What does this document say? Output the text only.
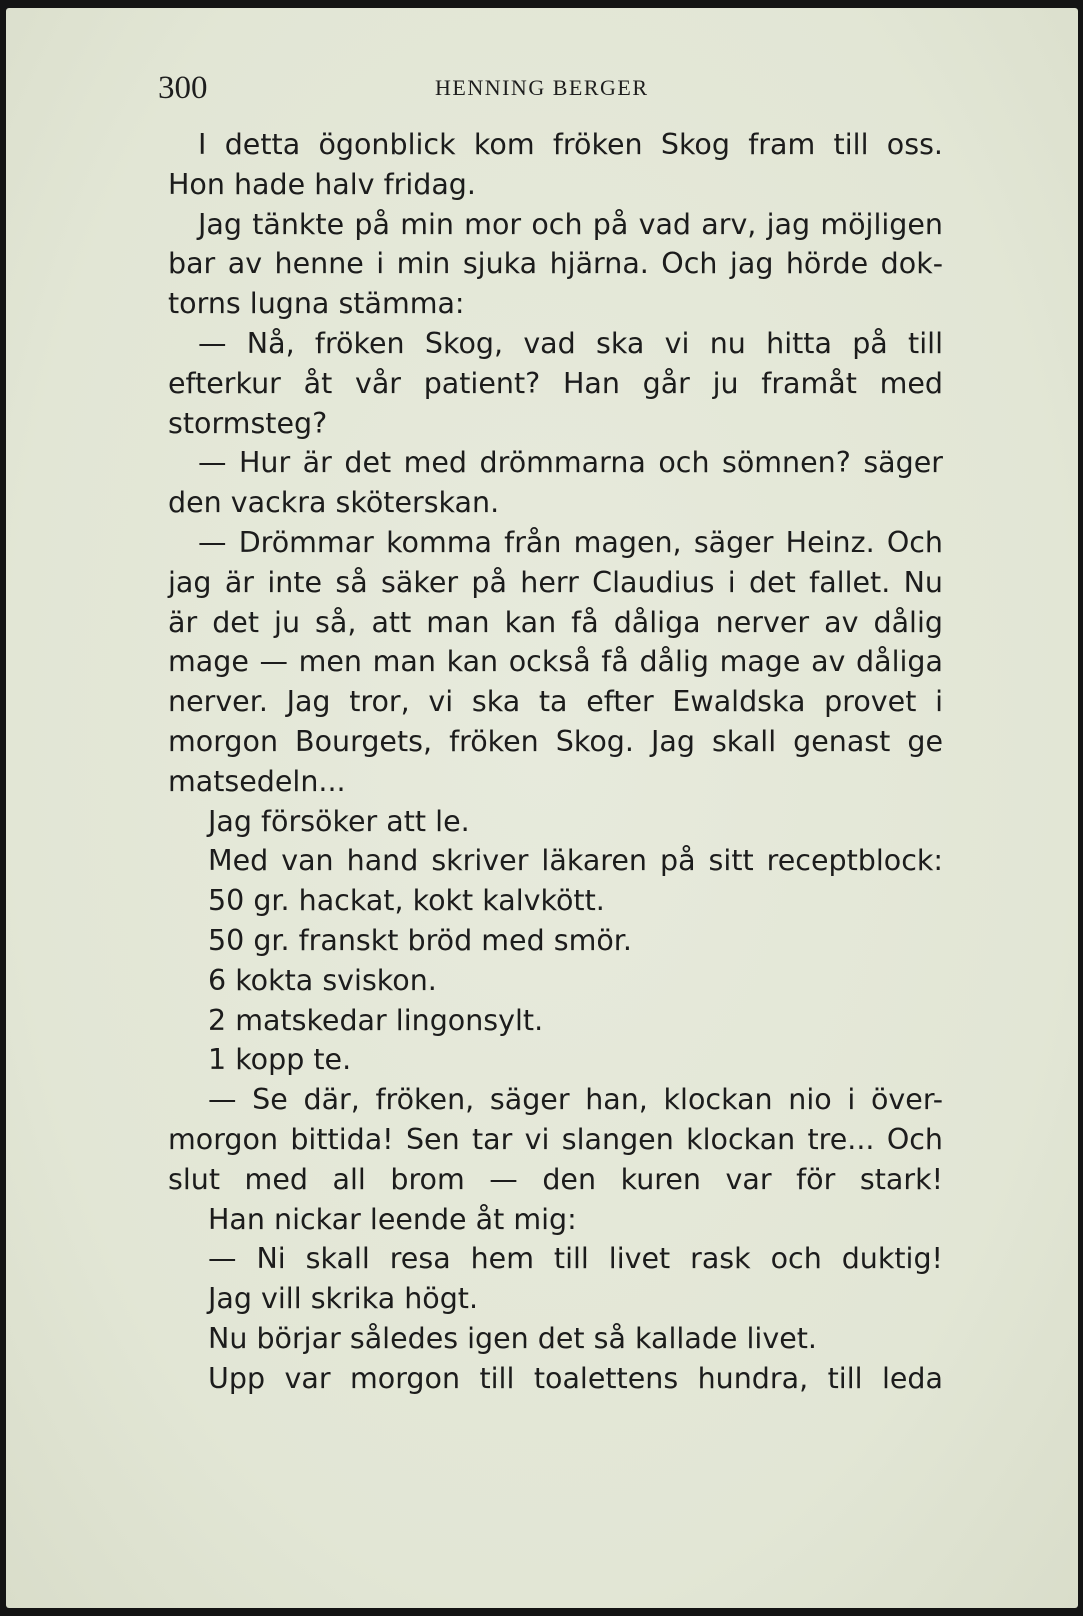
300	HENNING BERGER
I detta ögonblick kom fröken Skog fram till oss.
Hon hade halv fridag.
Jag tänkte på min mor och på vad arv, jag möjligen
bar av henne i min sjuka hjärna. Och jag hörde dok-
torns lugna stämma:
— Nå, fröken Skog, vad ska vi nu hitta på till
efterkur åt vår patient? Han går ju framåt med
stormsteg?
— Hur är det med drömmarna och sömnen? säger
den vackra sköterskan.
— Drömmar komma från magen, säger Heinz. Och
jag är inte så säker på herr Claudius i det fallet. Nu
är det ju så, att man kan få dåliga nerver av dålig
mage — men man kan också få dålig mage av dåliga
nerver. Jag tror, vi ska ta efter Ewaldska provet i
morgon Bourgets, fröken Skog. Jag skall genast ge
matsedeln...
Jag försöker att le.
Med van hand skriver läkaren på sitt receptblock:
50 gr. hackat, kokt kalvkött.
50 gr. franskt bröd med smör.
6 kokta sviskon.
2 matskedar lingonsylt.
1 kopp te.
— Se där, fröken, säger han, klockan nio i över-
morgon bittida! Sen tar vi slangen klockan tre... Och
slut med all brom — den kuren var för stark!
Han nickar leende åt mig:
— Ni skall resa hem till livet rask och duktig!
Jag vill skrika högt.
Nu börjar således igen det så kallade livet.
Upp var morgon till toalettens hundra, till leda
